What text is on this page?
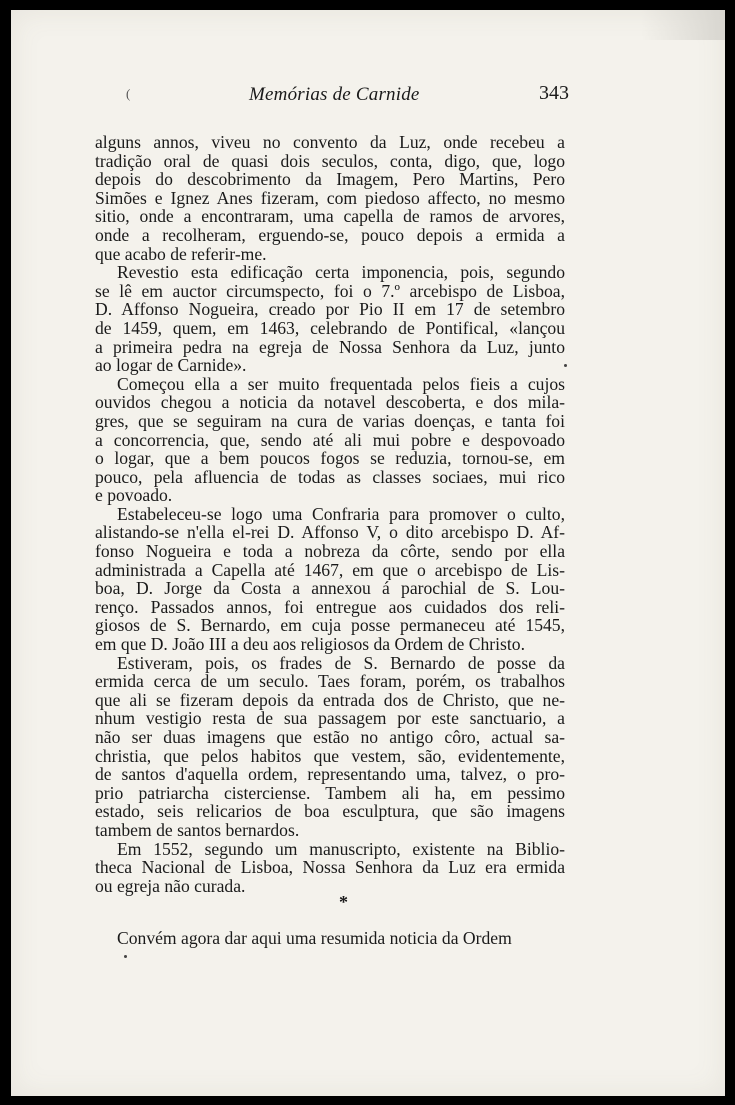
(	Memórias de Carnide	343
alguns annos, viveu no convento da Luz, onde recebeu a
tradição oral de quasi dois seculos, conta, digo, que, logo
depois do descobrimento da Imagem, Pero Martins, Pero
Simões e Ignez Anes fizeram, com piedoso affecto, no mesmo
sitio, onde a encontraram, uma capella de ramos de arvores,
onde a recolheram, erguendo-se, pouco depois a ermida a
que acabo de referir-me.
Revestio esta edificação certa imponencia, pois, segundo
se lê em auctor circumspecto, foi o 7.º arcebispo de Lisboa,
D. Affonso Nogueira, creado por Pio II em 17 de setembro
de 1459, quem, em 1463, celebrando de Pontifical, «lançou
a primeira pedra na egreja de Nossa Senhora da Luz, junto
ao logar de Carnide».
Começou ella a ser muito frequentada pelos fieis a cujos
ouvidos chegou a noticia da notavel descoberta, e dos mila-
gres, que se seguiram na cura de varias doenças, e tanta foi
a concorrencia, que, sendo até ali mui pobre e despovoado
o logar, que a bem poucos fogos se reduzia, tornou-se, em
pouco, pela afluencia de todas as classes sociaes, mui rico
e povoado.
Estabeleceu-se logo uma Confraria para promover o culto,
alistando-se n'ella el-rei D. Affonso V, o dito arcebispo D. Af-
fonso Nogueira e toda a nobreza da côrte, sendo por ella
administrada a Capella até 1467, em que o arcebispo de Lis-
boa, D. Jorge da Costa a annexou á parochial de S. Lou-
renço. Passados annos, foi entregue aos cuidados dos reli-
giosos de S. Bernardo, em cuja posse permaneceu até 1545,
em que D. João III a deu aos religiosos da Ordem de Christo.
Estiveram, pois, os frades de S. Bernardo de posse da
ermida cerca de um seculo. Taes foram, porém, os trabalhos
que ali se fizeram depois da entrada dos de Christo, que ne-
nhum vestigio resta de sua passagem por este sanctuario, a
não ser duas imagens que estão no antigo côro, actual sa-
christia, que pelos habitos que vestem, são, evidentemente,
de santos d'aquella ordem, representando uma, talvez, o pro-
prio patriarcha cisterciense. Tambem ali ha, em pessimo
estado, seis relicarios de boa esculptura, que são imagens
tambem de santos bernardos.
Em 1552, segundo um manuscripto, existente na Biblio-
theca Nacional de Lisboa, Nossa Senhora da Luz era ermida
ou egreja não curada.
*
Convém agora dar aqui uma resumida noticia da Ordem
